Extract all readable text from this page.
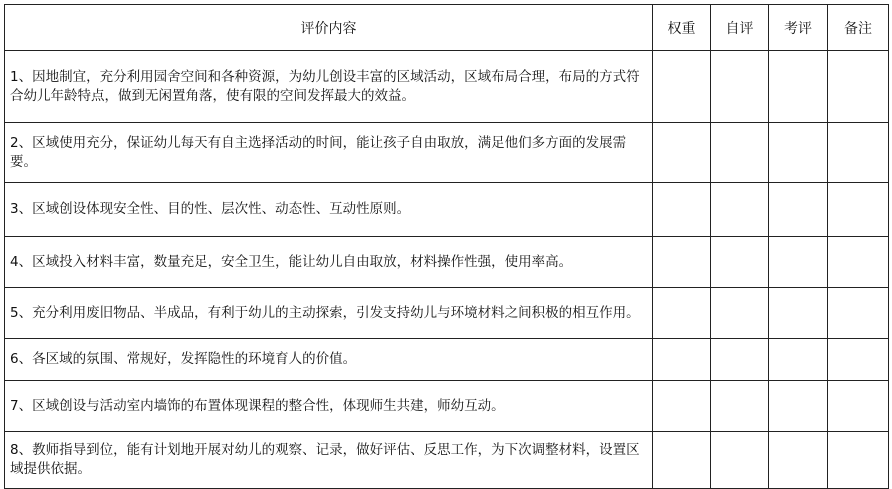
评价内容	权重	自评	考评	备注
1、因地制宜，充分利用园舍空间和各种资源，为幼儿创设丰富的区域活动，区域布局合理，布局的方式符合幼儿年龄特点，做到无闲置角落，使有限的空间发挥最大的效益。				
2、区域使用充分，保证幼儿每天有自主选择活动的时间，能让孩子自由取放，满足他们多方面的发展需要。				
3、区域创设体现安全性、目的性、层次性、动态性、互动性原则。				
4、区域投入材料丰富，数量充足，安全卫生，能让幼儿自由取放，材料操作性强，使用率高。				
5、充分利用废旧物品、半成品，有利于幼儿的主动探索，引发支持幼儿与环境材料之间积极的相互作用。				
6、各区域的氛围、常规好，发挥隐性的环境育人的价值。				
7、区域创设与活动室内墙饰的布置体现课程的整合性，体现师生共建，师幼互动。				
8、教师指导到位，能有计划地开展对幼儿的观察、记录，做好评估、反思工作，为下次调整材料，设置区域提供依据。				
